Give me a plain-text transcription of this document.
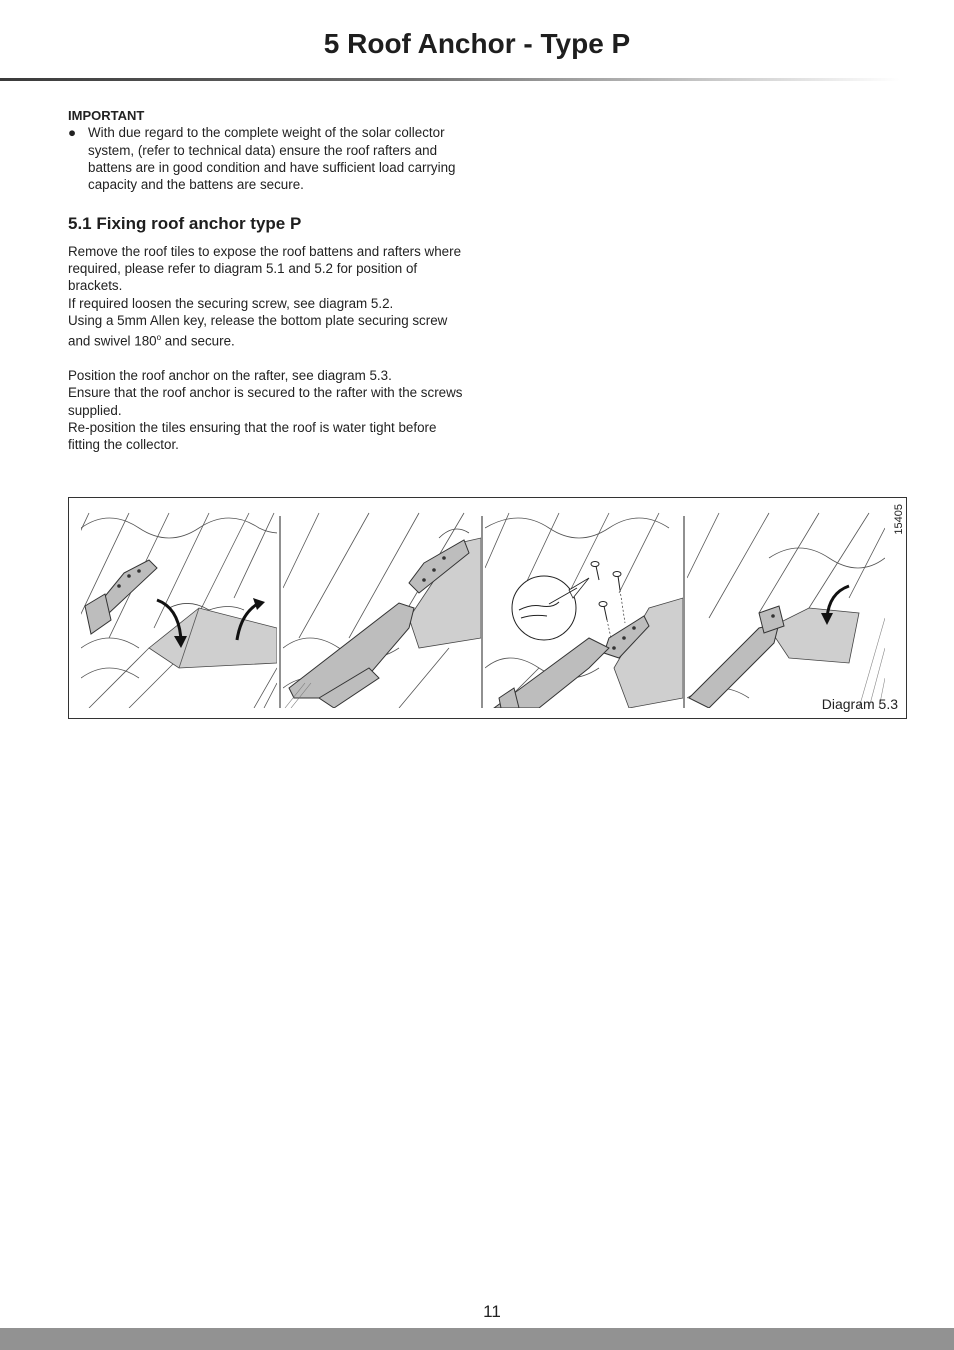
5 Roof Anchor - Type P

IMPORTANT

● With due regard to the complete weight of the solar collector system, (refer to technical data) ensure the roof rafters and battens are in good condition and have sufficient load carrying capacity and the battens are secure.

5.1 Fixing roof anchor type P

Remove the roof tiles to expose the roof battens and rafters where required, please refer to diagram 5.1 and 5.2 for position of brackets.

If required loosen the securing screw, see diagram 5.2.

Using a 5mm Allen key, release the bottom plate securing screw and swivel 180$^o$ and secure.

Position the roof anchor on the rafter, see diagram 5.3.

Ensure that the roof anchor is secured to the rafter with the screws supplied.

Re-position the tiles ensuring that the roof is water tight before fitting the collector.

15405
Diagram 5.3
11
